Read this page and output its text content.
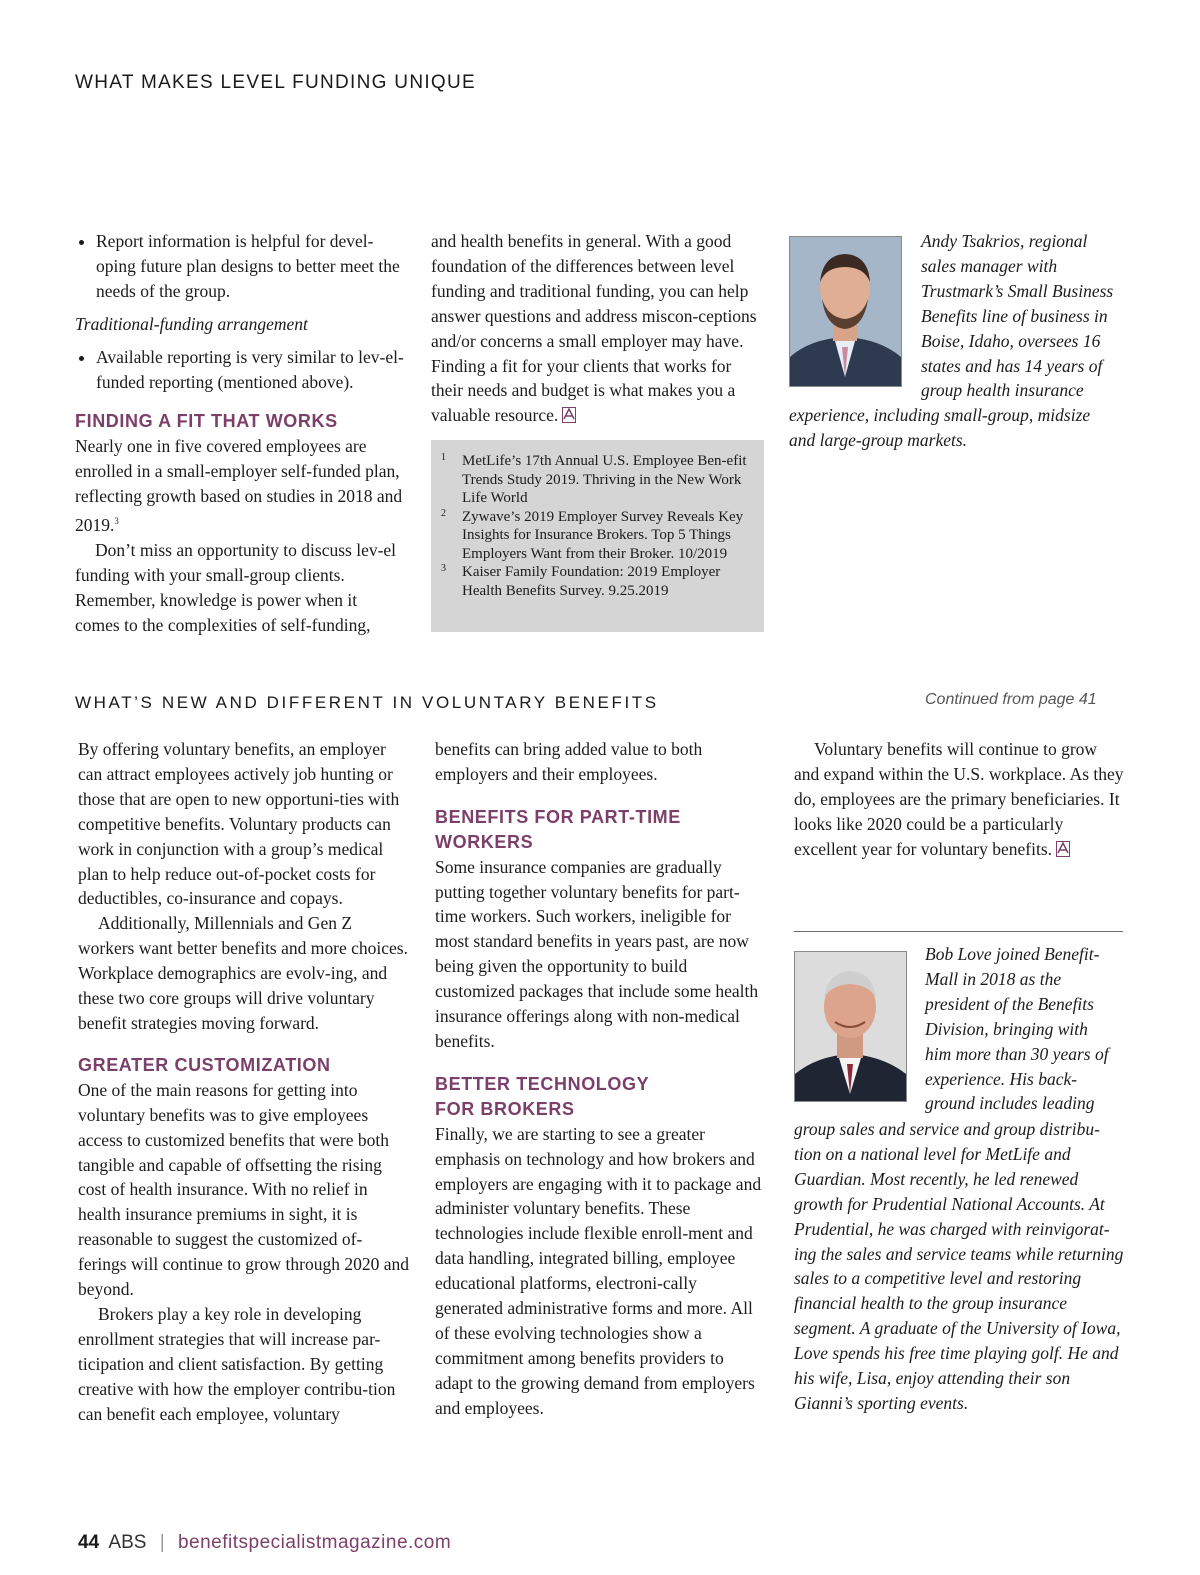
WHAT MAKES LEVEL FUNDING UNIQUE
• Report information is helpful for devel-oping future plan designs to better meet the needs of the group.

Traditional-funding arrangement

• Available reporting is very similar to lev-el-funded reporting (mentioned above).
FINDING A FIT THAT WORKS

Nearly one in five covered employees are enrolled in a small-employer self-funded plan, reflecting growth based on studies in 2018 and 2019.$^3$

Don’t miss an opportunity to discuss lev-el funding with your small-group clients. Remember, knowledge is power when it comes to the complexities of self-funding,

and health benefits in general. With a good foundation of the differences between level funding and traditional funding, you can help answer questions and address miscon-ceptions and/or concerns a small employer may have. Finding a fit for your clients that works for their needs and budget is what makes you a valuable resource.

1 MetLife’s 17th Annual U.S. Employee Ben-efit Trends Study 2019. Thriving in the New Work Life World
2 Zywave’s 2019 Employer Survey Reveals Key Insights for Insurance Brokers. Top 5 Things Employers Want from their Broker. 10/2019
3 Kaiser Family Foundation: 2019 Employer Health Benefits Survey. 9.25.2019
Andy Tsakrios, regional
sales manager with
Trustmark’s Small Business
Benefits line of business in
Boise, Idaho, oversees 16
states and has 14 years of
group health insurance
experience, including small-group, midsize
and large-group markets.
WHAT’S NEW AND DIFFERENT IN VOLUNTARY BENEFITS	Continued from page 41

By offering voluntary benefits, an employer can attract employees actively job hunting or those that are open to new opportuni-ties with competitive benefits. Voluntary products can work in conjunction with a group’s medical plan to help reduce out-of-pocket costs for deductibles, co-insurance and copays.

Additionally, Millennials and Gen Z workers want better benefits and more choices. Workplace demographics are evolv-ing, and these two core groups will drive voluntary benefit strategies moving forward.

GREATER CUSTOMIZATION

One of the main reasons for getting into voluntary benefits was to give employees access to customized benefits that were both tangible and capable of offsetting the rising cost of health insurance. With no relief in health insurance premiums in sight, it is reasonable to suggest the customized of-ferings will continue to grow through 2020 and beyond.

Brokers play a key role in developing enrollment strategies that will increase par-ticipation and client satisfaction. By getting creative with how the employer contribu-tion can benefit each employee, voluntary

benefits can bring added value to both employers and their employees.

BENEFITS FOR PART-TIME WORKERS

Some insurance companies are gradually putting together voluntary benefits for part-time workers. Such workers, ineligible for most standard benefits in years past, are now being given the opportunity to build customized packages that include some health insurance offerings along with non-medical benefits.

BETTER TECHNOLOGY
FOR BROKERS

Finally, we are starting to see a greater emphasis on technology and how brokers and employers are engaging with it to package and administer voluntary benefits. These technologies include flexible enroll-ment and data handling, integrated billing, employee educational platforms, electroni-cally generated administrative forms and more. All of these evolving technologies show a commitment among benefits providers to adapt to the growing demand from employers and employees.

Voluntary benefits will continue to grow and expand within the U.S. workplace. As they do, employees are the primary beneficiaries. It looks like 2020 could be a particularly excellent year for voluntary benefits.

Bob Love joined Benefit-
Mall in 2018 as the
president of the Benefits
Division, bringing with
him more than 30 years of
experience. His back-
ground includes leading
group sales and service and group distribu-tion on a national level for MetLife and Guardian. Most recently, he led renewed growth for Prudential National Accounts. At Prudential, he was charged with reinvigorat-ing the sales and service teams while returning sales to a competitive level and restoring financial health to the group insurance segment. A graduate of the University of Iowa, Love spends his free time playing golf. He and his wife, Lisa, enjoy attending their son Gianni’s sporting events.
44 ABS | benefitspecialistmagazine.com
